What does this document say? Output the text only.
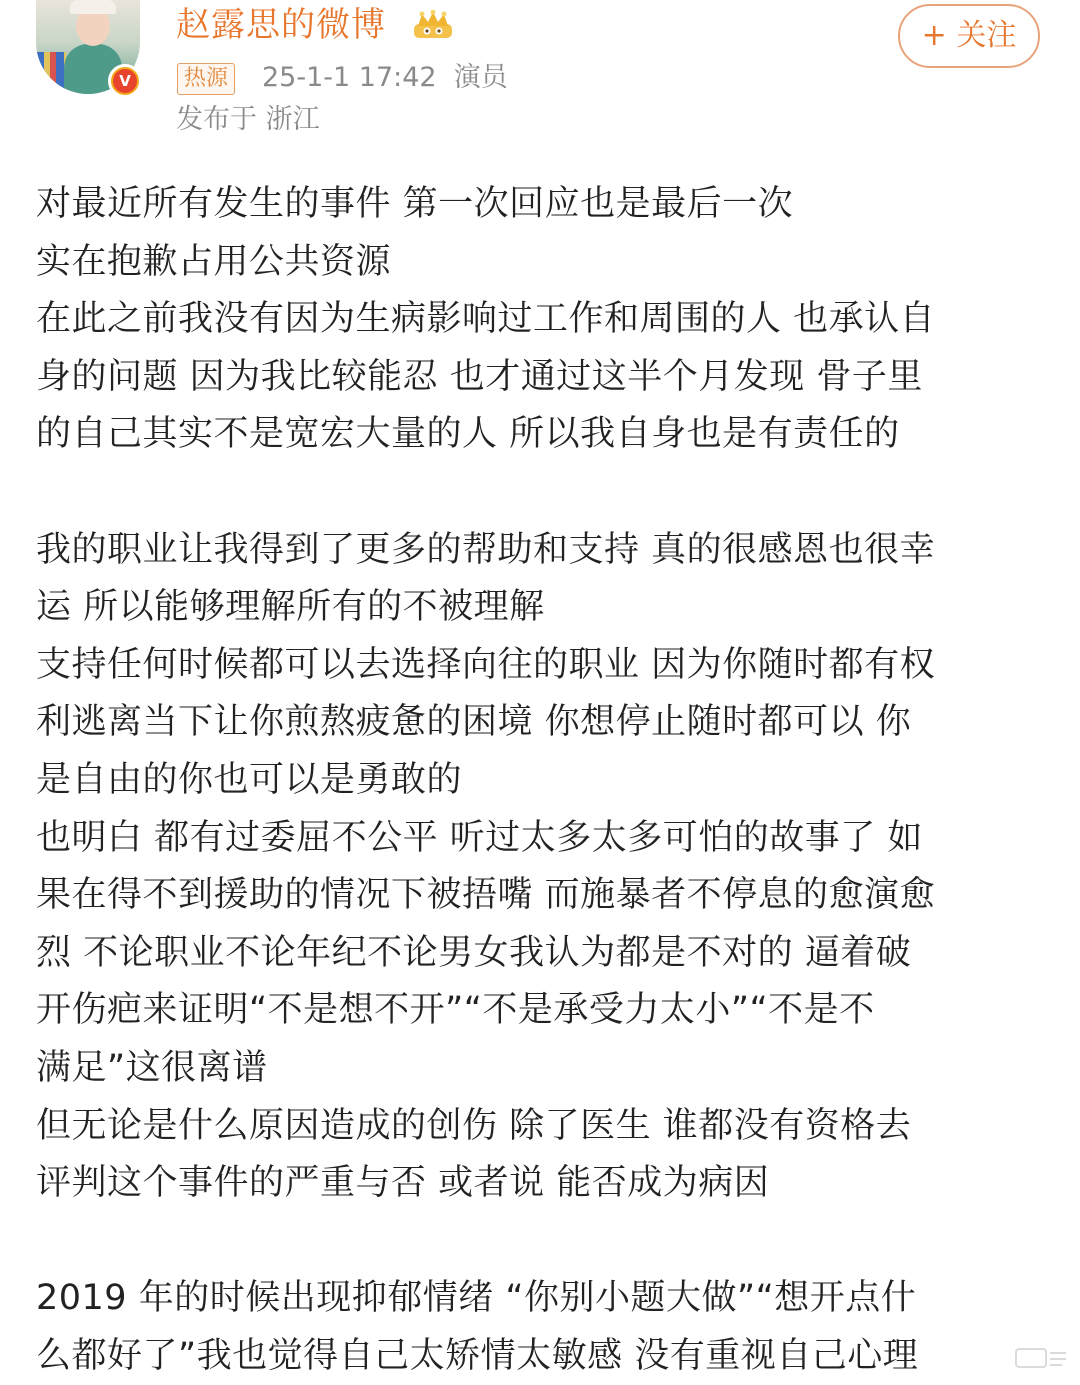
V
赵露思的微博
热源 25-1-1 17:42  演员
发布于 浙江
+ 关注
对最近所有发生的事件 第一次回应也是最后一次
实在抱歉占用公共资源
在此之前我没有因为生病影响过工作和周围的人 也承认自
身的问题 因为我比较能忍 也才通过这半个月发现 骨子里
的自己其实不是宽宏大量的人 所以我自身也是有责任的
我的职业让我得到了更多的帮助和支持 真的很感恩也很幸
运 所以能够理解所有的不被理解
支持任何时候都可以去选择向往的职业 因为你随时都有权
利逃离当下让你煎熬疲惫的困境 你想停止随时都可以 你
是自由的你也可以是勇敢的
也明白 都有过委屈不公平 听过太多太多可怕的故事了 如
果在得不到援助的情况下被捂嘴 而施暴者不停息的愈演愈
烈 不论职业不论年纪不论男女我认为都是不对的 逼着破
开伤疤来证明“不是想不开”“不是承受力太小”“不是不
满足”这很离谱
但无论是什么原因造成的创伤 除了医生 谁都没有资格去
评判这个事件的严重与否 或者说 能否成为病因
2019 年的时候出现抑郁情绪 “你别小题大做”“想开点什
么都好了”我也觉得自己太矫情太敏感 没有重视自己心理
